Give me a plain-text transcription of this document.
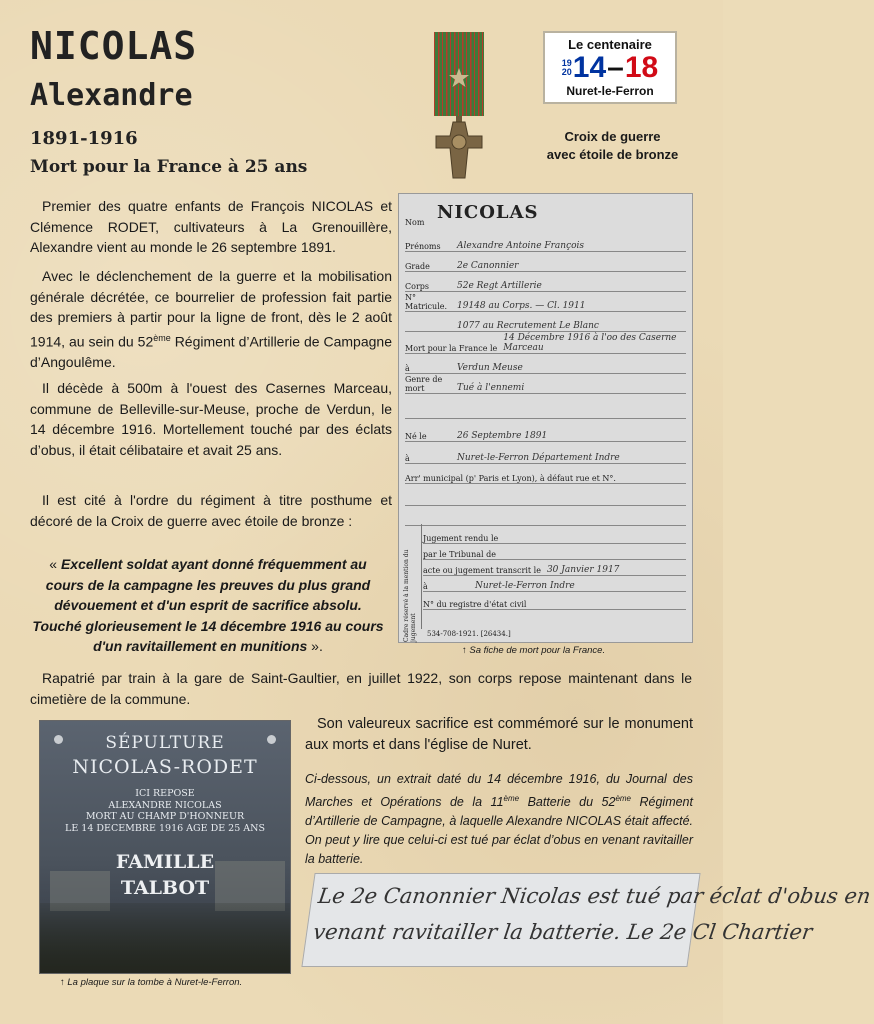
NICOLAS
Alexandre
1891-1916
Mort pour la France à 25 ans
Le centenaire
19
20 14 – 18
Nuret-le-Ferron
Croix de guerre
avec étoile de bronze

Premier des quatre enfants de François NICOLAS et Clémence RODET, cultivateurs à La Grenouillère, Alexandre vient au monde le 26 septembre 1891.

Avec le déclenchement de la guerre et la mobilisation générale décrétée, ce bourrelier de profession fait partie des premiers à partir pour la ligne de front, dès le 2 août 1914, au sein du 52ème Régiment d’Artillerie de Campagne d’Angoulême.

Il décède à 500m à l'ouest des Casernes Marceau, commune de Belleville-sur-Meuse, proche de Verdun, le 14 décembre 1916. Mortellement touché par des éclats d’obus, il était célibataire et avait 25 ans.

Il est cité à l'ordre du régiment à titre posthume et décoré de la Croix de guerre avec étoile de bronze :

« Excellent soldat ayant donné fréquemment au cours de la campagne les preuves du plus grand dévouement et d'un esprit de sacrifice absolu. Touché glorieusement le 14 décembre 1916 au cours d'un ravitaillement en munitions ».
Nom NICOLAS
Prénoms	Alexandre Antoine François
Grade	2e Canonnier
Corps	52e Regt Artillerie
N° Matricule.	19148 au Corps. — Cl. 1911
1077 au Recrutement Le Blanc
Mort pour la France le
14 Décembre 1916 à l'oo des Caserne Marceau
à	Verdun Meuse
Genre de mort	Tué à l'ennemi
Né le	26 Septembre 1891
à	Nuret-le-Ferron Département Indre
Arr' municipal (p' Paris et Lyon), à défaut rue et N°.
Jugement rendu le
par le Tribunal de
acte ou jugement transcrit le 30 Janvier 1917
à	Nuret-le-Ferron Indre
N° du registre d'état civil
Cadre réservé à la mention du jugement 534-708-1921. [26434.]
↑ Sa fiche de mort pour la France.

Rapatrié par train à la gare de Saint-Gaultier, en juillet 1922, son corps repose maintenant dans le cimetière de la commune.

SÉPULTURE
NICOLAS-RODET
ICI REPOSE
ALEXANDRE NICOLAS
MORT AU CHAMP D'HONNEUR
LE 14 DECEMBRE 1916 AGE DE 25 ANS
FAMILLE
TALBOT
↑ La plaque sur la tombe à Nuret-le-Ferron.

Son valeureux sacrifice est commémoré sur le monument aux morts et dans l'église de Nuret.

Ci-dessous, un extrait daté du 14 décembre 1916, du Journal des Marches et Opérations de la 11ème Batterie du 52ème Régiment d’Artillerie de Campagne, à laquelle Alexandre NICOLAS était affecté. On peut y lire que celui-ci est tué par éclat d’obus en venant ravitailler la batterie.

Le 2e Canonnier Nicolas est tué par éclat d'obus en
venant ravitailler la batterie. Le 2e Cl Chartier
